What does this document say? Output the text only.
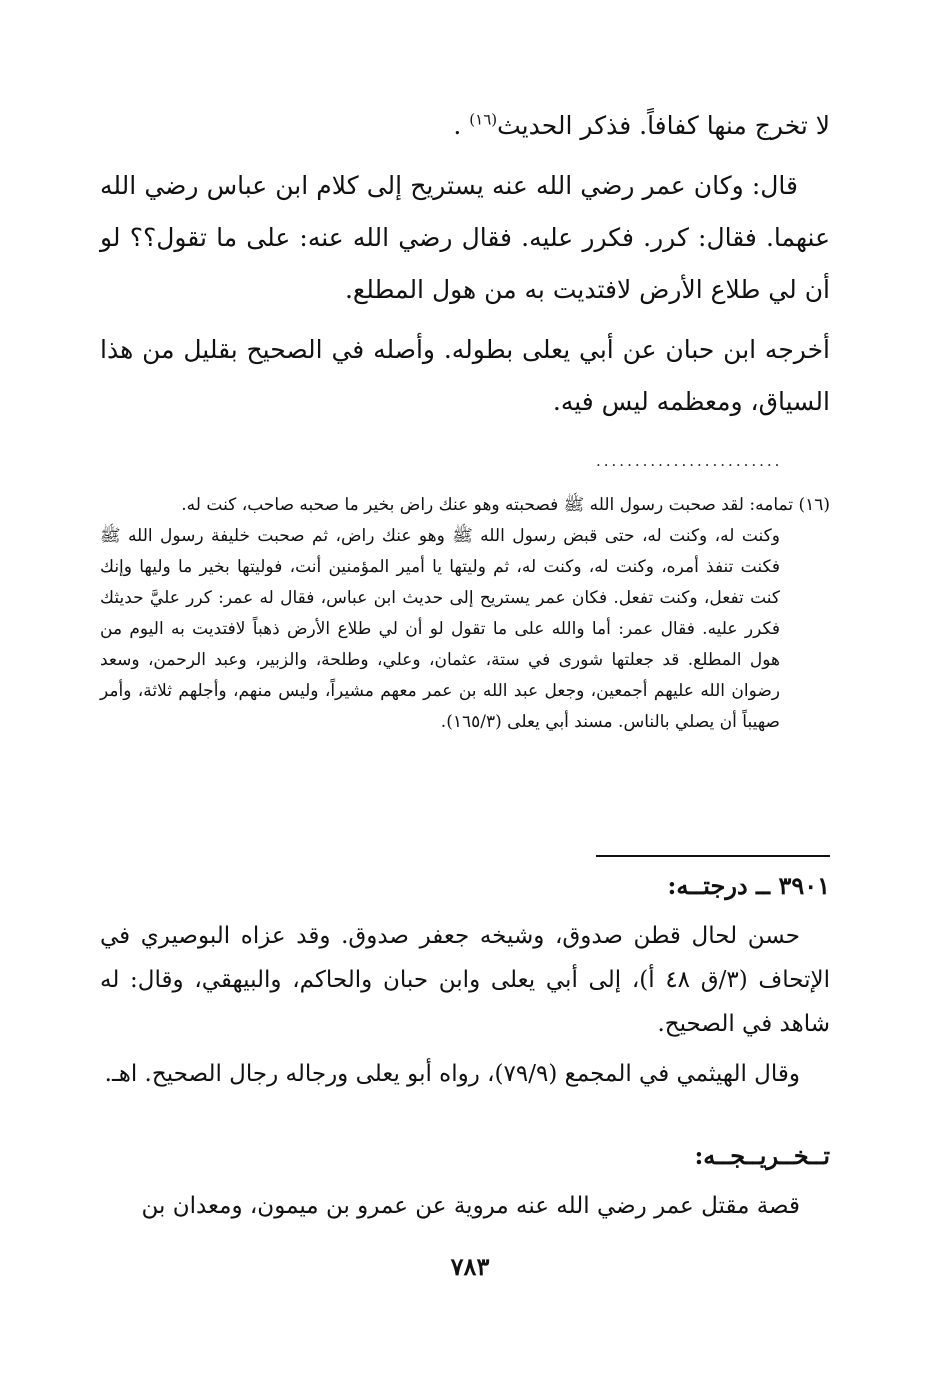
لا تخرج منها كفافاً. فذكر الحديث$^{(١٦)}$ .

قال: وكان عمر رضي الله عنه يستريح إلى كلام ابن عباس رضي الله عنهما. فقال: كرر. فكرر عليه. فقال رضي الله عنه: على ما تقول؟؟ لو أن لي طلاع الأرض لافتديت به من هول المطلع.

أخرجه ابن حبان عن أبي يعلى بطوله. وأصله في الصحيح بقليل من هذا السياق، ومعظمه ليس فيه.

........................

(١٦) تمامه: لقد صحبت رسول الله ﷺ فصحبته وهو عنك راض بخير ما صحبه صاحب، كنت له.

وكنت له، وكنت له، حتى قبض رسول الله ﷺ وهو عنك راض، ثم صحبت خليفة رسول الله ﷺ فكنت تنفذ أمره، وكنت له، وكنت له، ثم وليتها يا أمير المؤمنين أنت، فوليتها بخير ما وليها وإنك كنت تفعل، وكنت تفعل. فكان عمر يستريح إلى حديث ابن عباس، فقال له عمر: كرر عليَّ حديثك فكرر عليه. فقال عمر: أما والله على ما تقول لو أن لي طلاع الأرض ذهباً لافتديت به اليوم من هول المطلع. قد جعلتها شورى في ستة، عثمان، وعلي، وطلحة، والزبير، وعبد الرحمن، وسعد رضوان الله عليهم أجمعين، وجعل عبد الله بن عمر معهم مشيراً، وليس منهم، وأجلهم ثلاثة، وأمر صهيباً أن يصلي بالناس. مسند أبي يعلى (١٦٥/٣).

٣٩٠١ ــ درجتــه:

حسن لحال قطن صدوق، وشيخه جعفر صدوق. وقد عزاه البوصيري في الإتحاف (٣/ق ٤٨ أ)، إلى أبي يعلى وابن حبان والحاكم، والبيهقي، وقال: له شاهد في الصحيح.

وقال الهيثمي في المجمع (٧٩/٩)، رواه أبو يعلى ورجاله رجال الصحيح. اهـ.

تــخــريــجــه:

قصة مقتل عمر رضي الله عنه مروية عن عمرو بن ميمون، ومعدان بن

٧٨٣
